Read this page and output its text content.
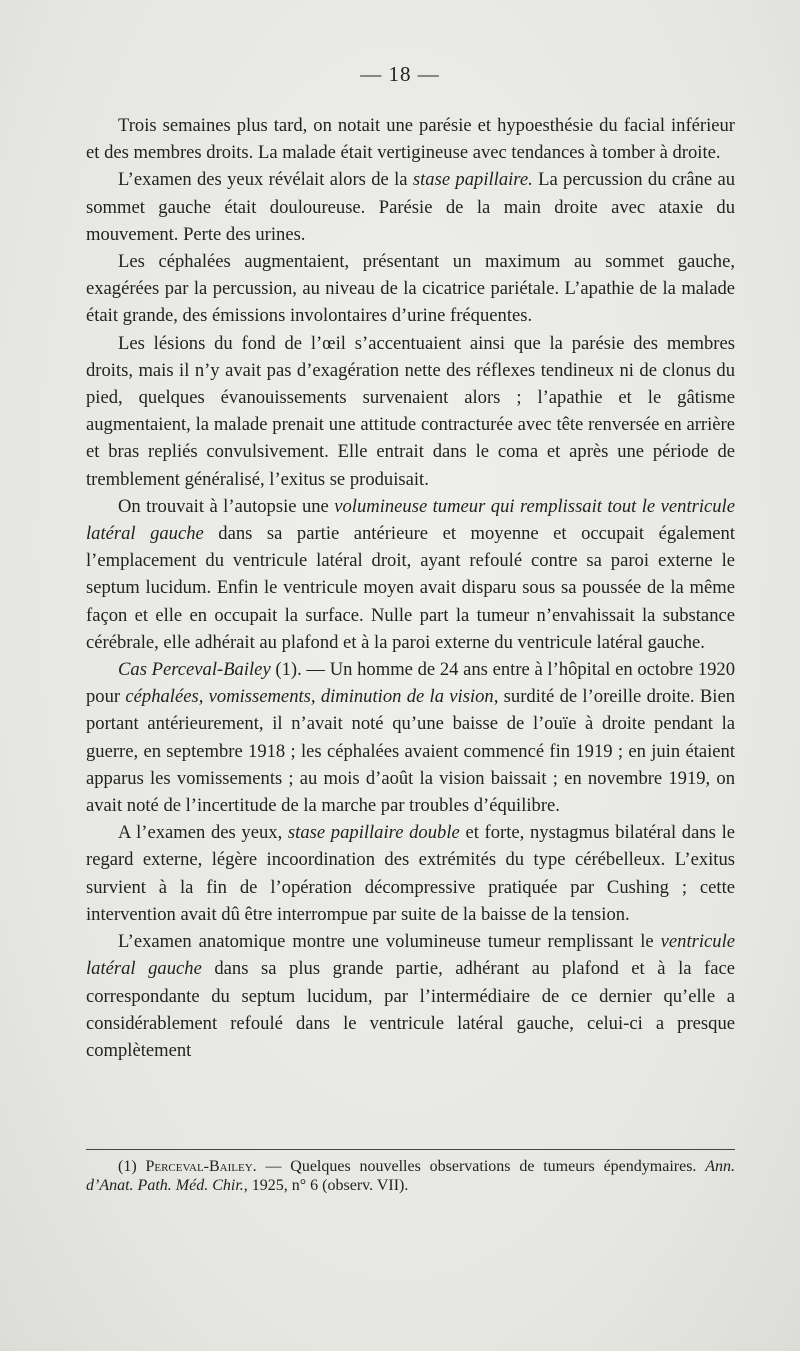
— 18 —

Trois semaines plus tard, on notait une parésie et hypoesthésie du facial inférieur et des membres droits. La malade était vertigineuse avec tendances à tomber à droite.

L’examen des yeux révélait alors de la stase papillaire. La percussion du crâne au sommet gauche était douloureuse. Parésie de la main droite avec ataxie du mouvement. Perte des urines.

Les céphalées augmentaient, présentant un maximum au sommet gauche, exagérées par la percussion, au niveau de la cicatrice pariétale. L’apathie de la malade était grande, des émissions involontaires d’urine fréquentes.

Les lésions du fond de l’œil s’accentuaient ainsi que la parésie des membres droits, mais il n’y avait pas d’exagération nette des réflexes tendineux ni de clonus du pied, quelques évanouissements survenaient alors ; l’apathie et le gâtisme augmentaient, la malade prenait une attitude contracturée avec tête renversée en arrière et bras repliés convulsivement. Elle entrait dans le coma et après une période de tremblement généralisé, l’exitus se produisait.

On trouvait à l’autopsie une volumineuse tumeur qui remplissait tout le ventricule latéral gauche dans sa partie antérieure et moyenne et occupait également l’emplacement du ventricule latéral droit, ayant refoulé contre sa paroi externe le septum lucidum. Enfin le ventricule moyen avait disparu sous sa poussée de la même façon et elle en occupait la surface. Nulle part la tumeur n’envahissait la substance cérébrale, elle adhérait au plafond et à la paroi externe du ventricule latéral gauche.

Cas Perceval-Bailey (1). — Un homme de 24 ans entre à l’hôpital en octobre 1920 pour céphalées, vomissements, diminution de la vision, surdité de l’oreille droite. Bien portant antérieurement, il n’avait noté qu’une baisse de l’ouïe à droite pendant la guerre, en septembre 1918 ; les céphalées avaient commencé fin 1919 ; en juin étaient apparus les vomissements ; au mois d’août la vision baissait ; en novembre 1919, on avait noté de l’incertitude de la marche par troubles d’équilibre.

A l’examen des yeux, stase papillaire double et forte, nystagmus bilatéral dans le regard externe, légère incoordination des extrémités du type cérébelleux. L’exitus survient à la fin de l’opération décompressive pratiquée par Cushing ; cette intervention avait dû être interrompue par suite de la baisse de la tension.

L’examen anatomique montre une volumineuse tumeur remplissant le ventricule latéral gauche dans sa plus grande partie, adhérant au plafond et à la face correspondante du septum lucidum, par l’intermédiaire de ce dernier qu’elle a considérablement refoulé dans le ventricule latéral gauche, celui-ci a presque complètement

(1) Perceval-Bailey. — Quelques nouvelles observations de tumeurs épendymaires. Ann. d’Anat. Path. Méd. Chir., 1925, n° 6 (observ. VII).
